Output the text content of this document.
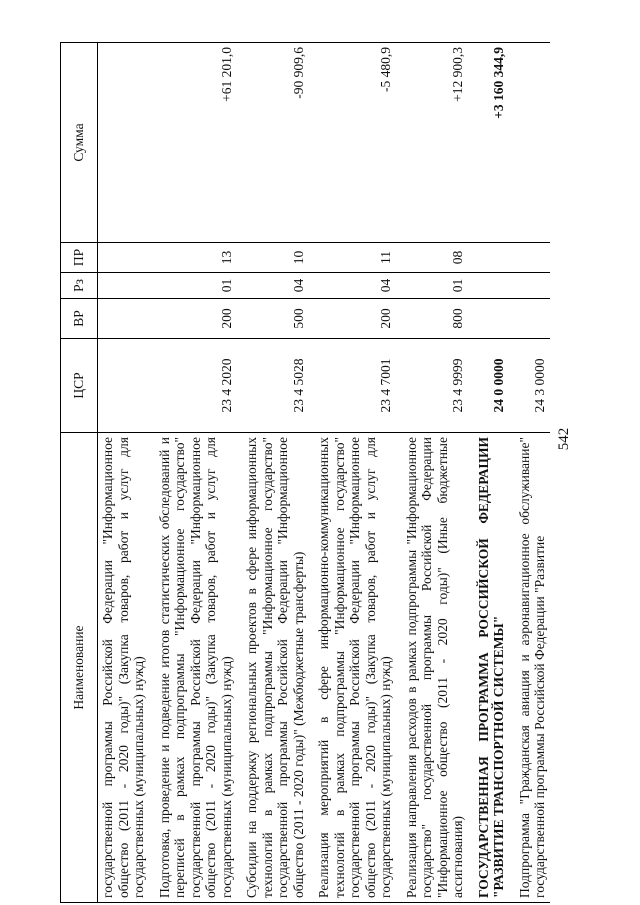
542
Наименование	ЦСР	ВР	Рз	ПР	Сумма
государственной программы Российской Федерации "Информационное общество (2011 - 2020 годы)" (Закупка товаров, работ и услуг для государственных (муниципальных) нужд)					

Подготовка, проведение и подведение итогов статистических обследований и переписей в рамках подпрограммы "Информационное государство" государственной программы Российской Федерации "Информационное общество (2011 - 2020 годы)" (Закупка товаров, работ и услуг для государственных (муниципальных) нужд)	23 4 2020	200	01	13	+61 201,0

Субсидии на поддержку региональных проектов в сфере информационных технологий в рамках подпрограммы "Информационное государство" государственной программы Российской Федерации "Информационное общество (2011 - 2020 годы)" (Межбюджетные трансферты)	23 4 5028	500	04	10	-90 909,6

Реализация мероприятий в сфере информационно-коммуникационных технологий в рамках подпрограммы "Информационное государство" государственной программы Российской Федерации "Информационное общество (2011 - 2020 годы)" (Закупка товаров, работ и услуг для государственных (муниципальных) нужд)	23 4 7001	200	04	11	-5 480,9

Реализация направления расходов в рамках подпрограммы "Информационное государство" государственной программы Российской Федерации "Информационное общество (2011 - 2020 годы)" (Иные бюджетные ассигнования)	23 4 9999	800	01	08	+12 900,3

ГОСУДАРСТВЕННАЯ ПРОГРАММА РОССИЙСКОЙ ФЕДЕРАЦИИ "РАЗВИТИЕ ТРАНСПОРТНОЙ СИСТЕМЫ"	24 0 0000				+3 160 344,9

Подпрограмма "Гражданская авиация и аэронавигационное обслуживание" государственной программы Российской Федерации "Развитие	24 3 0000				
